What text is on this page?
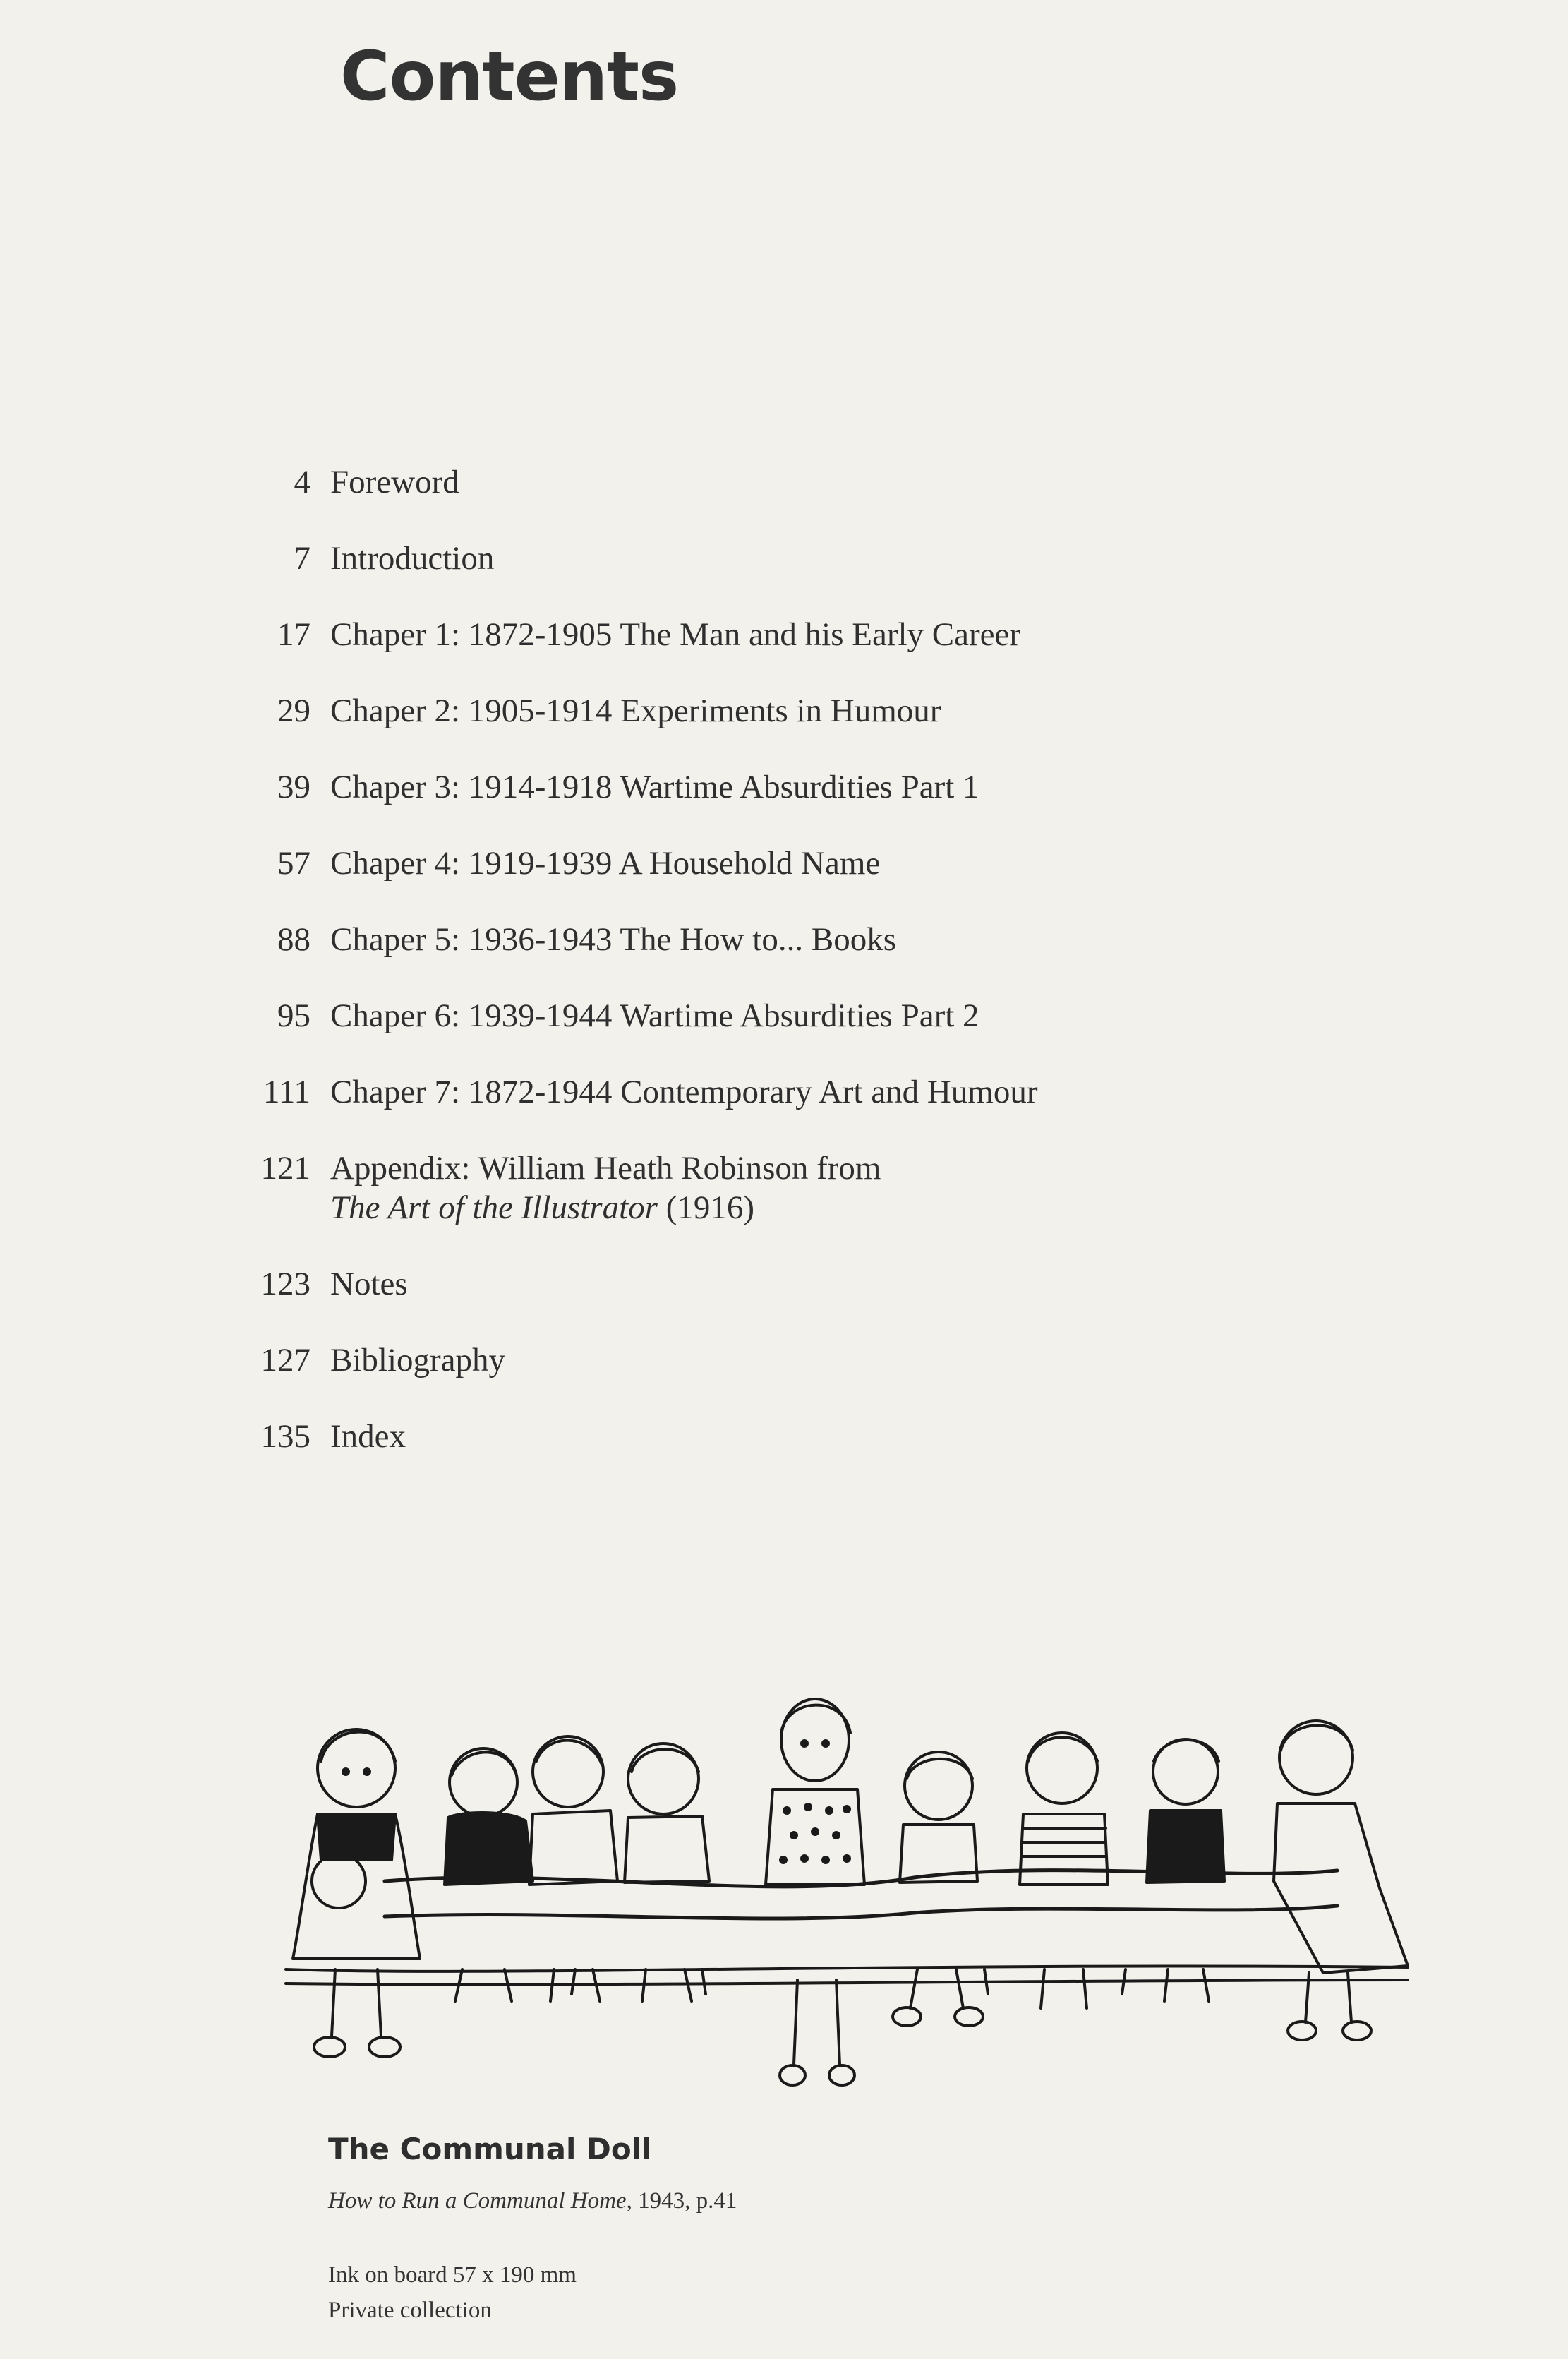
Contents
4 Foreword
7 Introduction
17 Chaper 1: 1872-1905 The Man and his Early Career
29 Chaper 2: 1905-1914 Experiments in Humour
39 Chaper 3: 1914-1918 Wartime Absurdities Part 1
57 Chaper 4: 1919-1939 A Household Name
88 Chaper 5: 1936-1943 The How to... Books
95 Chaper 6: 1939-1944 Wartime Absurdities Part 2
111 Chaper 7: 1872-1944 Contemporary Art and Humour
121 Appendix: William Heath Robinson from
The Art of the Illustrator (1916)
123 Notes
127 Bibliography
135 Index
The Communal Doll
How to Run a Communal Home, 1943, p.41
Ink on board 57 x 190 mm
Private collection
